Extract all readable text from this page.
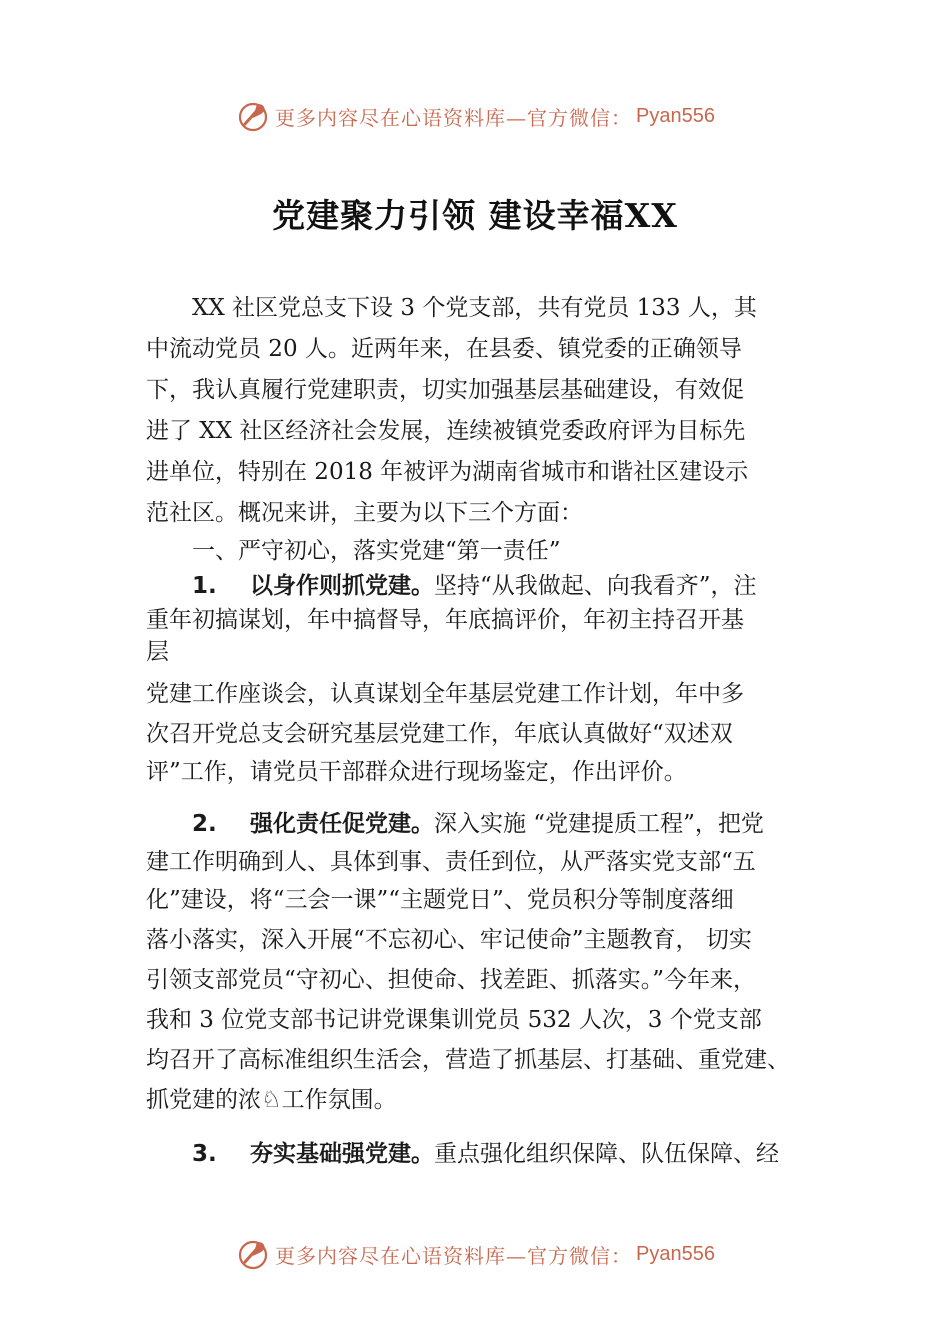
更多内容尽在心语资料库—官方微信： Pyan556
党建聚力引领 建设幸福XX
XX 社区党总支下设 3 个党支部，共有党员 133 人，其
中流动党员 20 人。近两年来，在县委、镇党委的正确领导
下，我认真履行党建职责，切实加强基层基础建设，有效促
进了 XX 社区经济社会发展，连续被镇党委政府评为目标先
进单位，特别在 2018 年被评为湖南省城市和谐社区建设示
范社区。概况来讲，主要为以下三个方面：
一、严守初心，落实党建“第一责任”
1. 以身作则抓党建。坚持“从我做起、向我看齐”，注
重年初搞谋划，年中搞督导，年底搞评价，年初主持召开基
层
党建工作座谈会，认真谋划全年基层党建工作计划，年中多
次召开党总支会研究基层党建工作，年底认真做好“双述双
评”工作，请党员干部群众进行现场鉴定，作出评价。
2. 强化责任促党建。深入实施 “党建提质工程”，把党
建工作明确到人、具体到事、责任到位，从严落实党支部“五
化”建设，将“三会一课”“主题党日”、党员积分等制度落细
落小落实，深入开展“不忘初心、牢记使命”主题教育， 切实
引领支部党员“守初心、担使命、找差距、抓落实。”今年来，
我和 3 位党支部书记讲党课集训党员 532 人次，3 个党支部
均召开了高标准组织生活会，营造了抓基层、打基础、重党建、
抓党建的浓♘工作氛围。
3. 夯实基础强党建。重点强化组织保障、队伍保障、经
更多内容尽在心语资料库—官方微信： Pyan556
